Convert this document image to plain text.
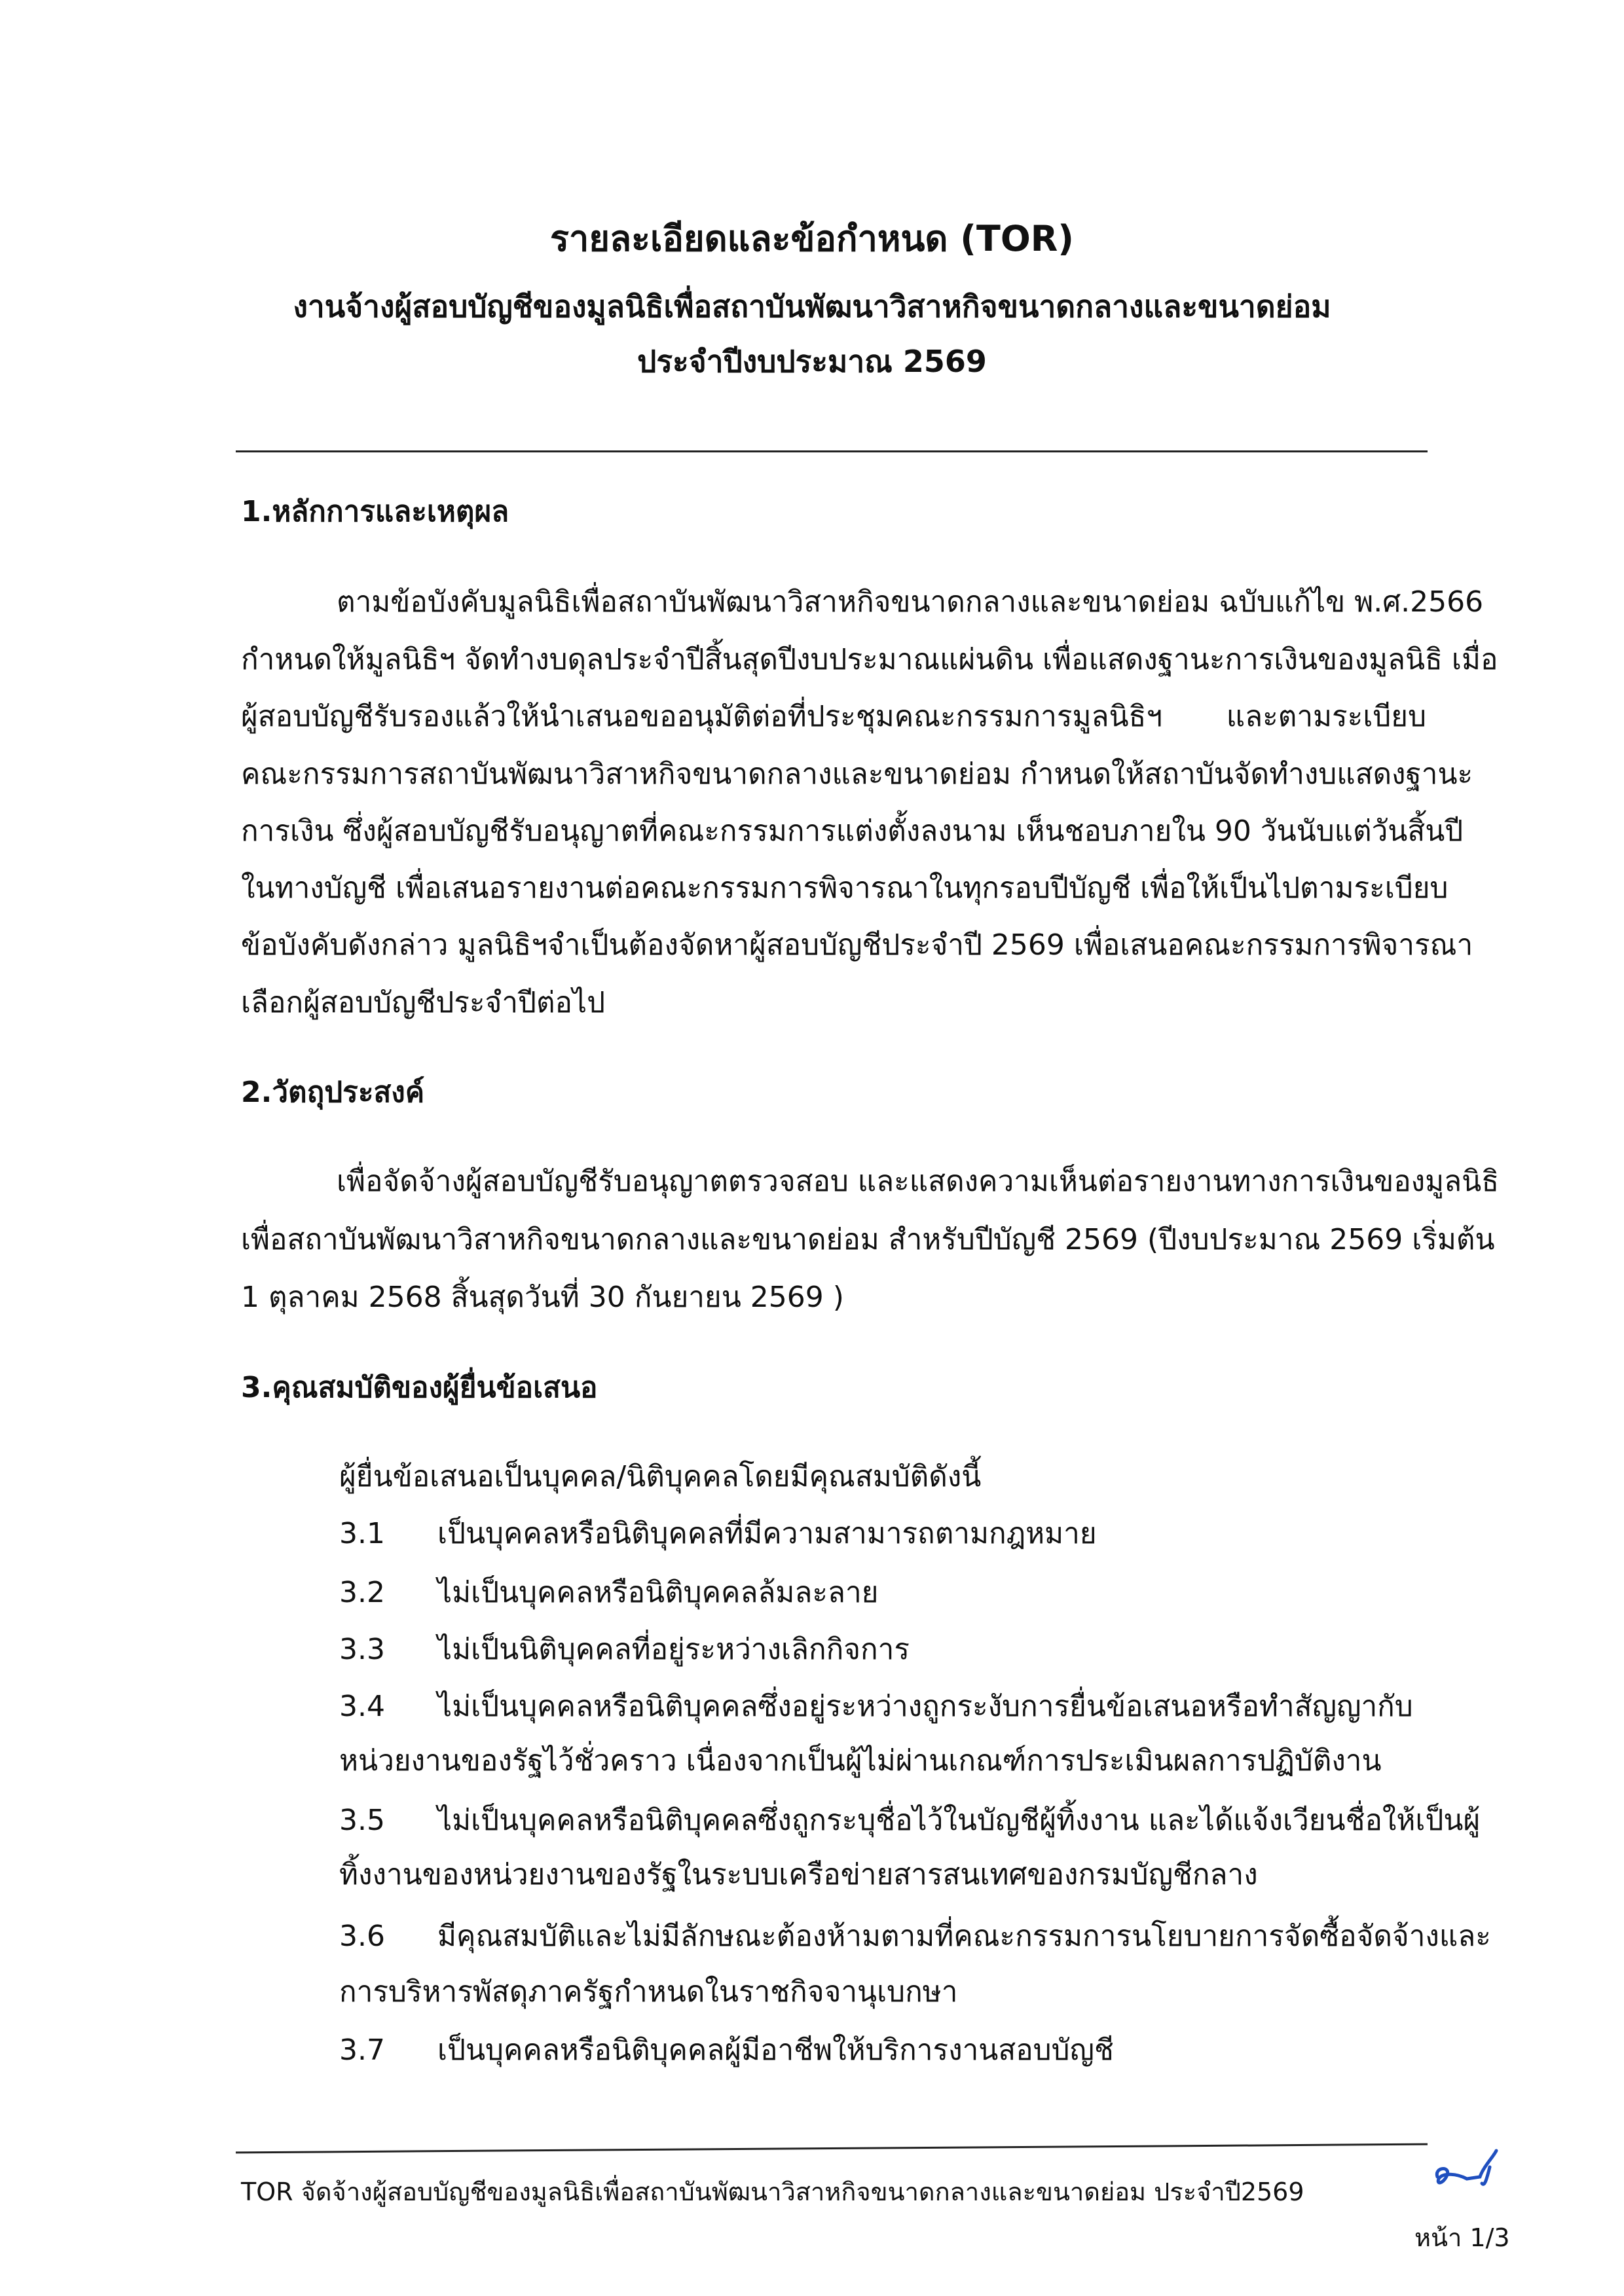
รายละเอียดและข้อกำหนด (TOR)
งานจ้างผู้สอบบัญชีของมูลนิธิเพื่อสถาบันพัฒนาวิสาหกิจขนาดกลางและขนาดย่อม
ประจำปีงบประมาณ 2569
1.หลักการและเหตุผล
ตามข้อบังคับมูลนิธิเพื่อสถาบันพัฒนาวิสาหกิจขนาดกลางและขนาดย่อม ฉบับแก้ไข พ.ศ.2566
กำหนดให้มูลนิธิฯ จัดทำงบดุลประจำปีสิ้นสุดปีงบประมาณแผ่นดิน เพื่อแสดงฐานะการเงินของมูลนิธิ เมื่อ
ผู้สอบบัญชีรับรองแล้วให้นำเสนอขออนุมัติต่อที่ประชุมคณะกรรมการมูลนิธิฯ และตามระเบียบ
คณะกรรมการสถาบันพัฒนาวิสาหกิจขนาดกลางและขนาดย่อม กำหนดให้สถาบันจัดทำงบแสดงฐานะ
การเงิน ซึ่งผู้สอบบัญชีรับอนุญาตที่คณะกรรมการแต่งตั้งลงนาม เห็นชอบภายใน 90 วันนับแต่วันสิ้นปี
ในทางบัญชี เพื่อเสนอรายงานต่อคณะกรรมการพิจารณาในทุกรอบปีบัญชี เพื่อให้เป็นไปตามระเบียบ
ข้อบังคับดังกล่าว มูลนิธิฯจำเป็นต้องจัดหาผู้สอบบัญชีประจำปี 2569 เพื่อเสนอคณะกรรมการพิจารณา
เลือกผู้สอบบัญชีประจำปีต่อไป
2.วัตถุประสงค์
เพื่อจัดจ้างผู้สอบบัญชีรับอนุญาตตรวจสอบ และแสดงความเห็นต่อรายงานทางการเงินของมูลนิธิ
เพื่อสถาบันพัฒนาวิสาหกิจขนาดกลางและขนาดย่อม สำหรับปีบัญชี 2569 (ปีงบประมาณ 2569 เริ่มต้น
1 ตุลาคม 2568 สิ้นสุดวันที่ 30 กันยายน 2569 )
3.คุณสมบัติของผู้ยื่นข้อเสนอ
ผู้ยื่นข้อเสนอเป็นบุคคล/นิติบุคคลโดยมีคุณสมบัติดังนี้
3.1 เป็นบุคคลหรือนิติบุคคลที่มีความสามารถตามกฎหมาย
3.2 ไม่เป็นบุคคลหรือนิติบุคคลล้มละลาย
3.3 ไม่เป็นนิติบุคคลที่อยู่ระหว่างเลิกกิจการ
3.4 ไม่เป็นบุคคลหรือนิติบุคคลซึ่งอยู่ระหว่างถูกระงับการยื่นข้อเสนอหรือทำสัญญากับ
หน่วยงานของรัฐไว้ชั่วคราว เนื่องจากเป็นผู้ไม่ผ่านเกณฑ์การประเมินผลการปฏิบัติงาน
3.5 ไม่เป็นบุคคลหรือนิติบุคคลซึ่งถูกระบุชื่อไว้ในบัญชีผู้ทิ้งงาน และได้แจ้งเวียนชื่อให้เป็นผู้
ทิ้งงานของหน่วยงานของรัฐในระบบเครือข่ายสารสนเทศของกรมบัญชีกลาง
3.6 มีคุณสมบัติและไม่มีลักษณะต้องห้ามตามที่คณะกรรมการนโยบายการจัดซื้อจัดจ้างและ
การบริหารพัสดุภาครัฐกำหนดในราชกิจจานุเบกษา
3.7 เป็นบุคคลหรือนิติบุคคลผู้มีอาชีพให้บริการงานสอบบัญชี
TOR จัดจ้างผู้สอบบัญชีของมูลนิธิเพื่อสถาบันพัฒนาวิสาหกิจขนาดกลางและขนาดย่อม ประจำปี2569
หน้า 1/3
